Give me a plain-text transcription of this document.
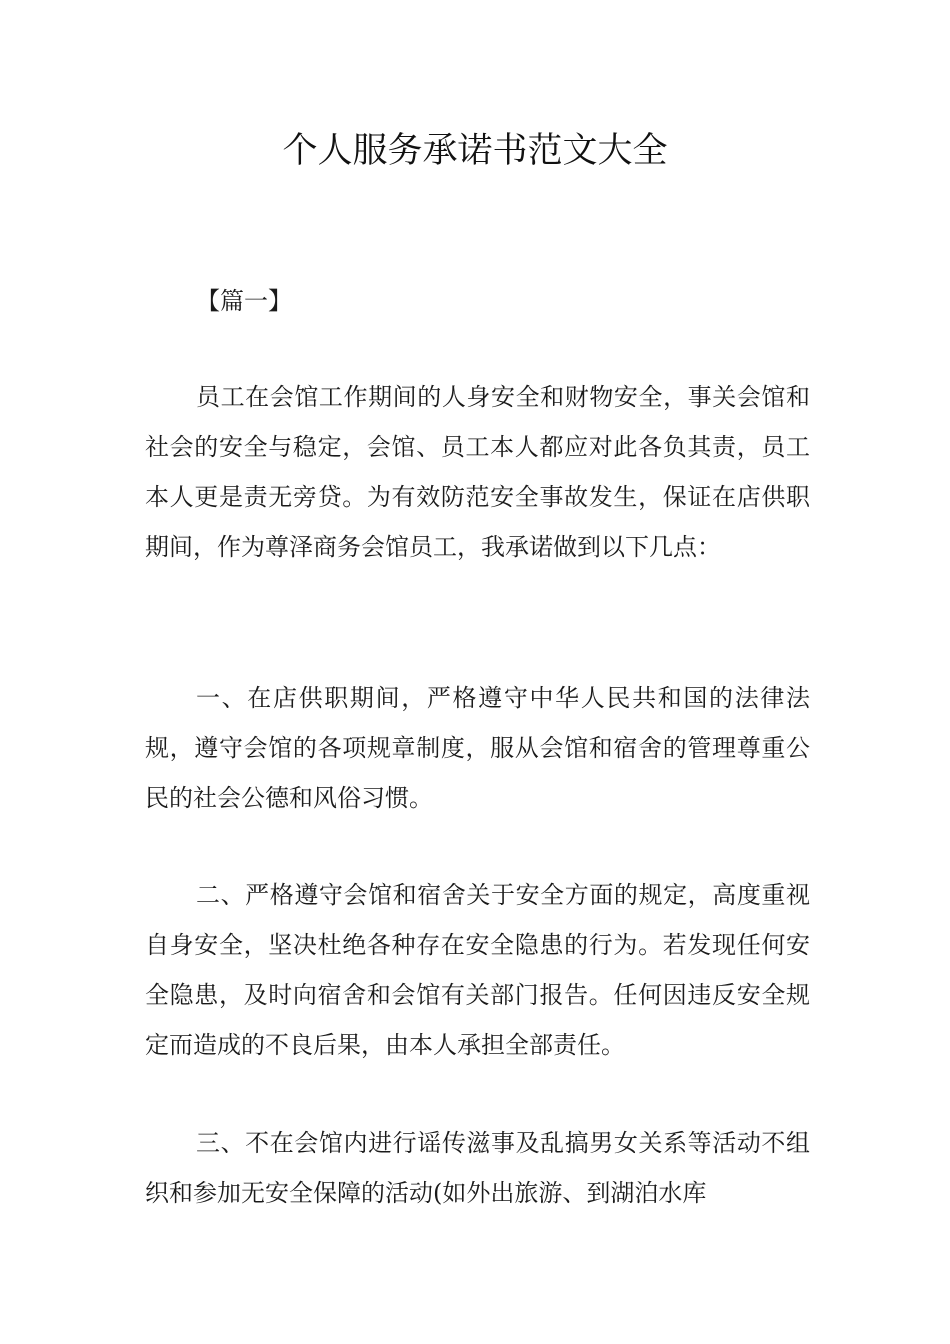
个人服务承诺书范文大全

【篇一】

员工在会馆工作期间的人身安全和财物安全，事关会馆和社会的安全与稳定，会馆、员工本人都应对此各负其责，员工本人更是责无旁贷。为有效防范安全事故发生，保证在店供职期间，作为尊泽商务会馆员工，我承诺做到以下几点：

一、在店供职期间，严格遵守中华人民共和国的法律法规，遵守会馆的各项规章制度，服从会馆和宿舍的管理尊重公民的社会公德和风俗习惯。

二、严格遵守会馆和宿舍关于安全方面的规定，高度重视自身安全，坚决杜绝各种存在安全隐患的行为。若发现任何安全隐患，及时向宿舍和会馆有关部门报告。任何因违反安全规定而造成的不良后果，由本人承担全部责任。

三、不在会馆内进行谣传滋事及乱搞男女关系等活动不组织和参加无安全保障的活动(如外出旅游、到湖泊水库
